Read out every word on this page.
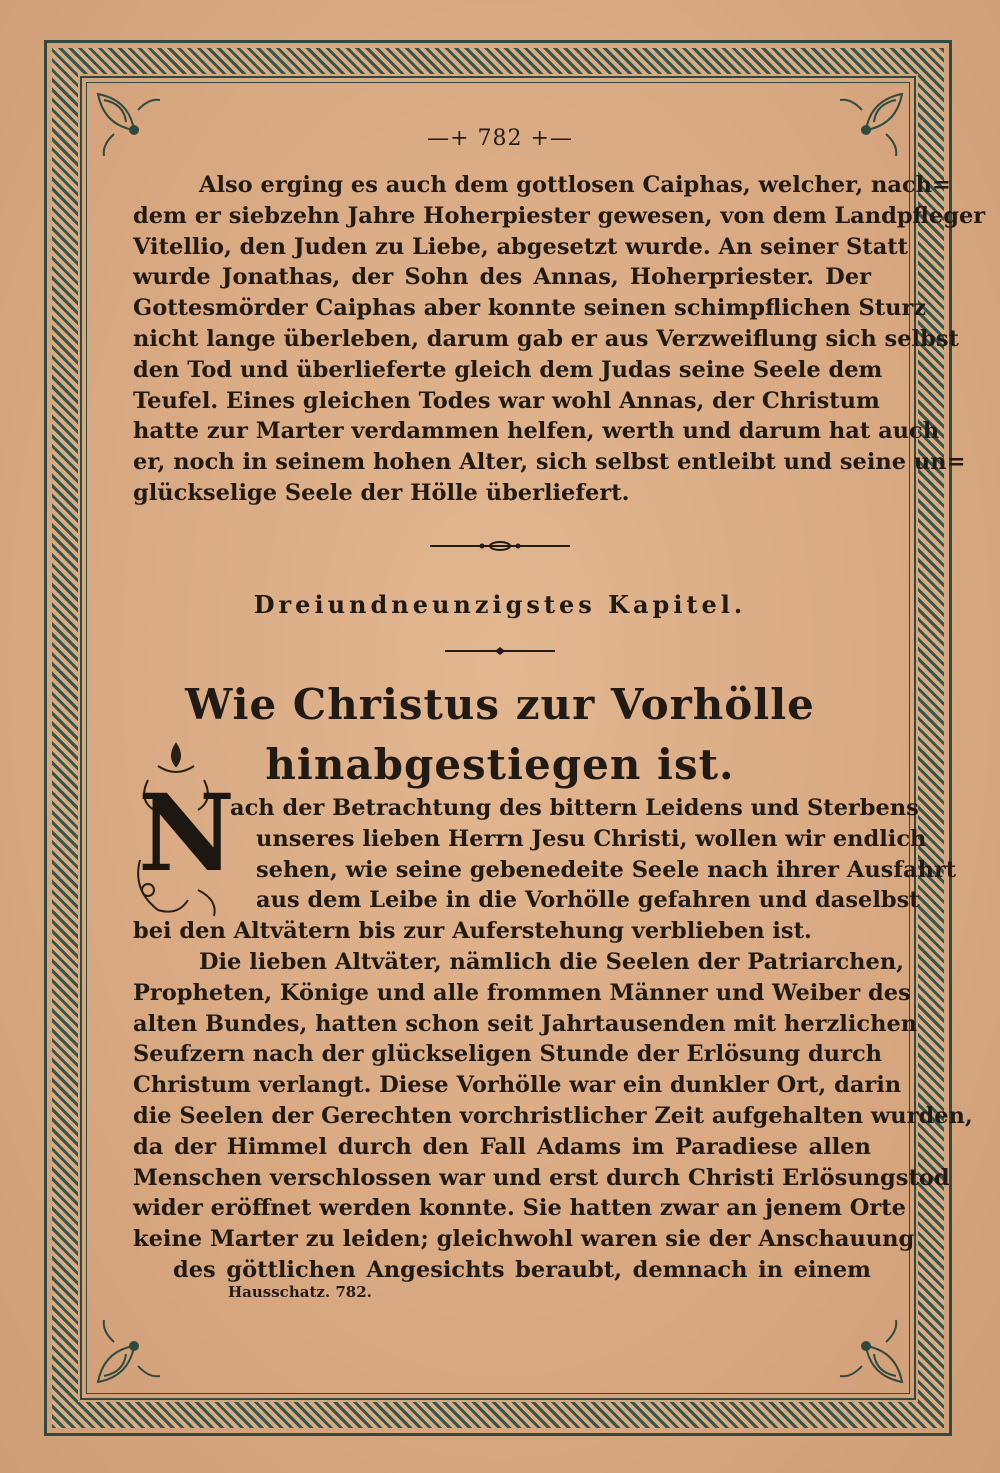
—+ 782 +—
Also erging es auch dem gottlosen Caiphas, welcher, nach=
dem er siebzehn Jahre Hoherpiester gewesen, von dem Landpfleger
Vitellio, den Juden zu Liebe, abgesetzt wurde. An seiner Statt
wurde Jonathas, der Sohn des Annas, Hoherpriester. Der
Gottesmörder Caiphas aber konnte seinen schimpflichen Sturz
nicht lange überleben, darum gab er aus Verzweiflung sich selbst
den Tod und überlieferte gleich dem Judas seine Seele dem
Teufel. Eines gleichen Todes war wohl Annas, der Christum
hatte zur Marter verdammen helfen, werth und darum hat auch
er, noch in seinem hohen Alter, sich selbst entleibt und seine un=
glückselige Seele der Hölle überliefert.
Dreiundneunzigstes Kapitel.
Wie Christus zur Vorhölle
hinabgestiegen ist.
N
ach der Betrachtung des bittern Leidens und Sterbens
unseres lieben Herrn Jesu Christi, wollen wir endlich
sehen, wie seine gebenedeite Seele nach ihrer Ausfahrt
aus dem Leibe in die Vorhölle gefahren und daselbst
bei den Altvätern bis zur Auferstehung verblieben ist.
Die lieben Altväter, nämlich die Seelen der Patriarchen,
Propheten, Könige und alle frommen Männer und Weiber des
alten Bundes, hatten schon seit Jahrtausenden mit herzlichen
Seufzern nach der glückseligen Stunde der Erlösung durch
Christum verlangt. Diese Vorhölle war ein dunkler Ort, darin
die Seelen der Gerechten vorchristlicher Zeit aufgehalten wurden,
da der Himmel durch den Fall Adams im Paradiese allen
Menschen verschlossen war und erst durch Christi Erlösungstod
wider eröffnet werden konnte. Sie hatten zwar an jenem Orte
keine Marter zu leiden; gleichwohl waren sie der Anschauung
des göttlichen Angesichts beraubt, demnach in einem
Hausschatz. 782.
